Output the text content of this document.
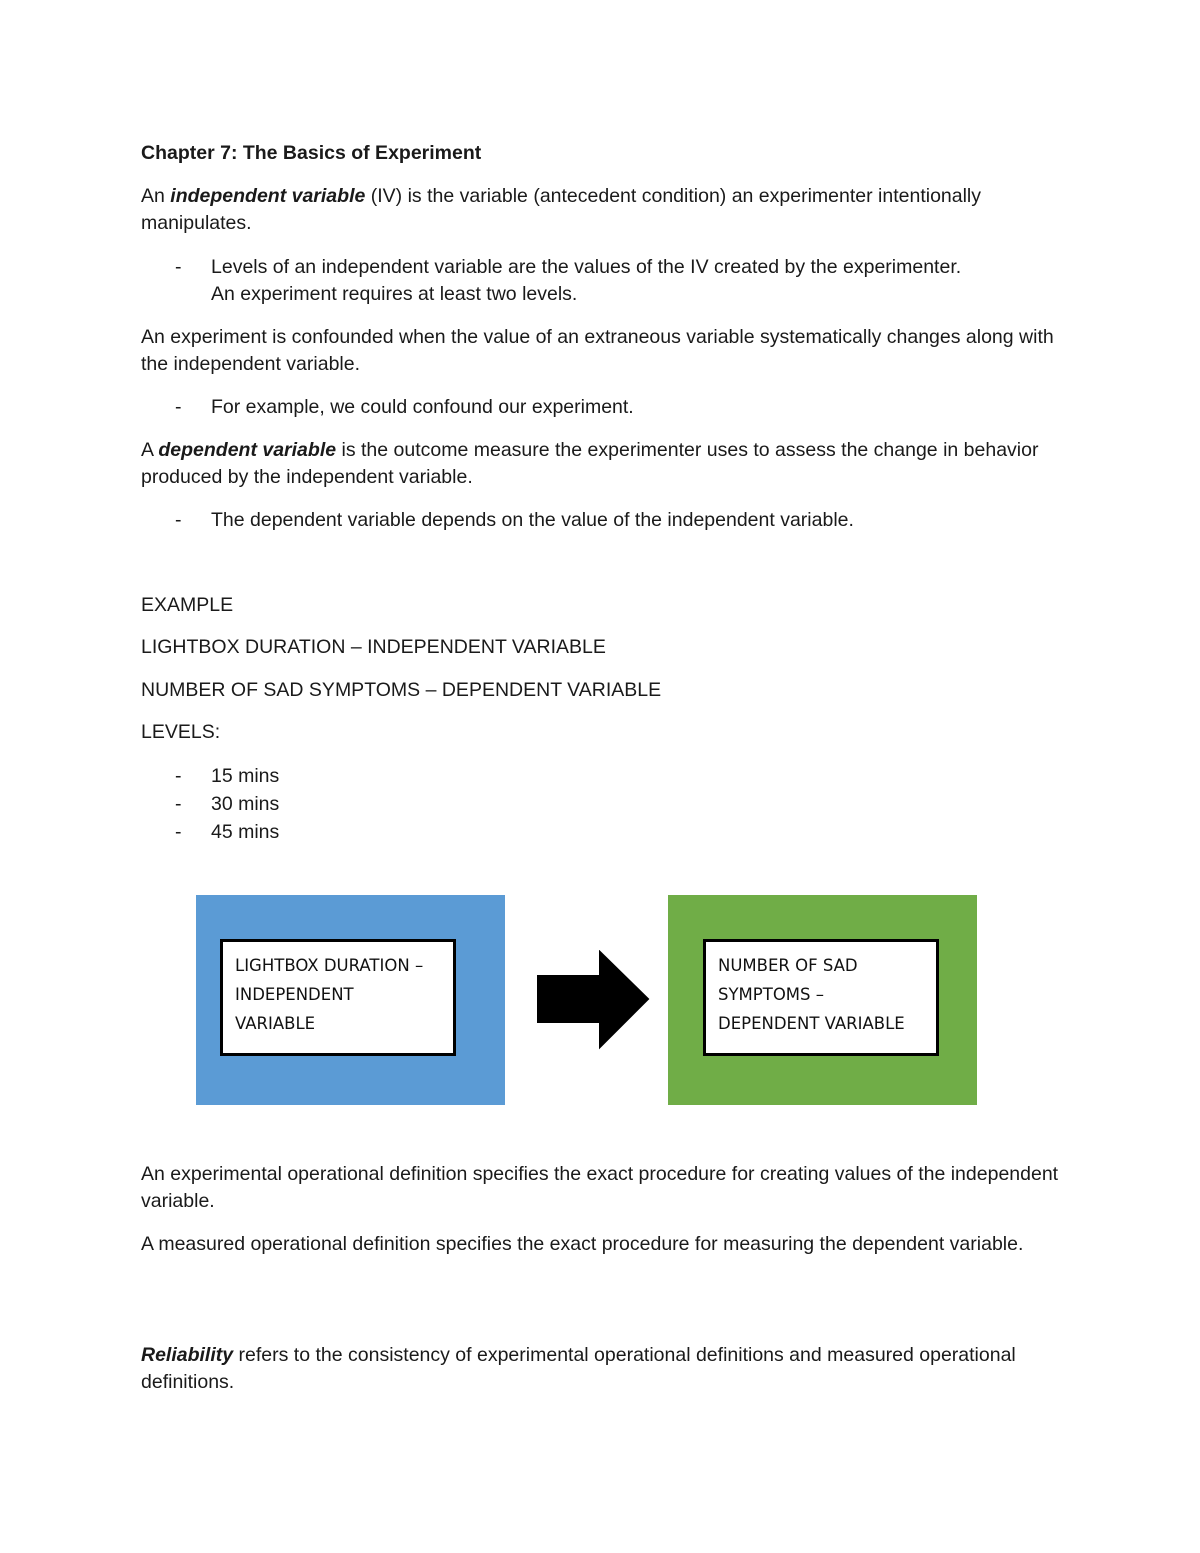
Chapter 7: The Basics of Experiment
An independent variable (IV) is the variable (antecedent condition) an experimenter intentionally manipulates.
- Levels of an independent variable are the values of the IV created by the experimenter.
An experiment requires at least two levels.
An experiment is confounded when the value of an extraneous variable systematically changes along with the independent variable.
- For example, we could confound our experiment.
A dependent variable is the outcome measure the experimenter uses to assess the change in behavior produced by the independent variable.
- The dependent variable depends on the value of the independent variable.
EXAMPLE
LIGHTBOX DURATION – INDEPENDENT VARIABLE
NUMBER OF SAD SYMPTOMS – DEPENDENT VARIABLE
LEVELS:
- 15 mins
- 30 mins
- 45 mins
LIGHTBOX DURATION –
INDEPENDENT
VARIABLE
NUMBER OF SAD
SYMPTOMS –
DEPENDENT VARIABLE
An experimental operational definition specifies the exact procedure for creating values of the independent variable.
A measured operational definition specifies the exact procedure for measuring the dependent variable.
Reliability refers to the consistency of experimental operational definitions and measured operational definitions.
